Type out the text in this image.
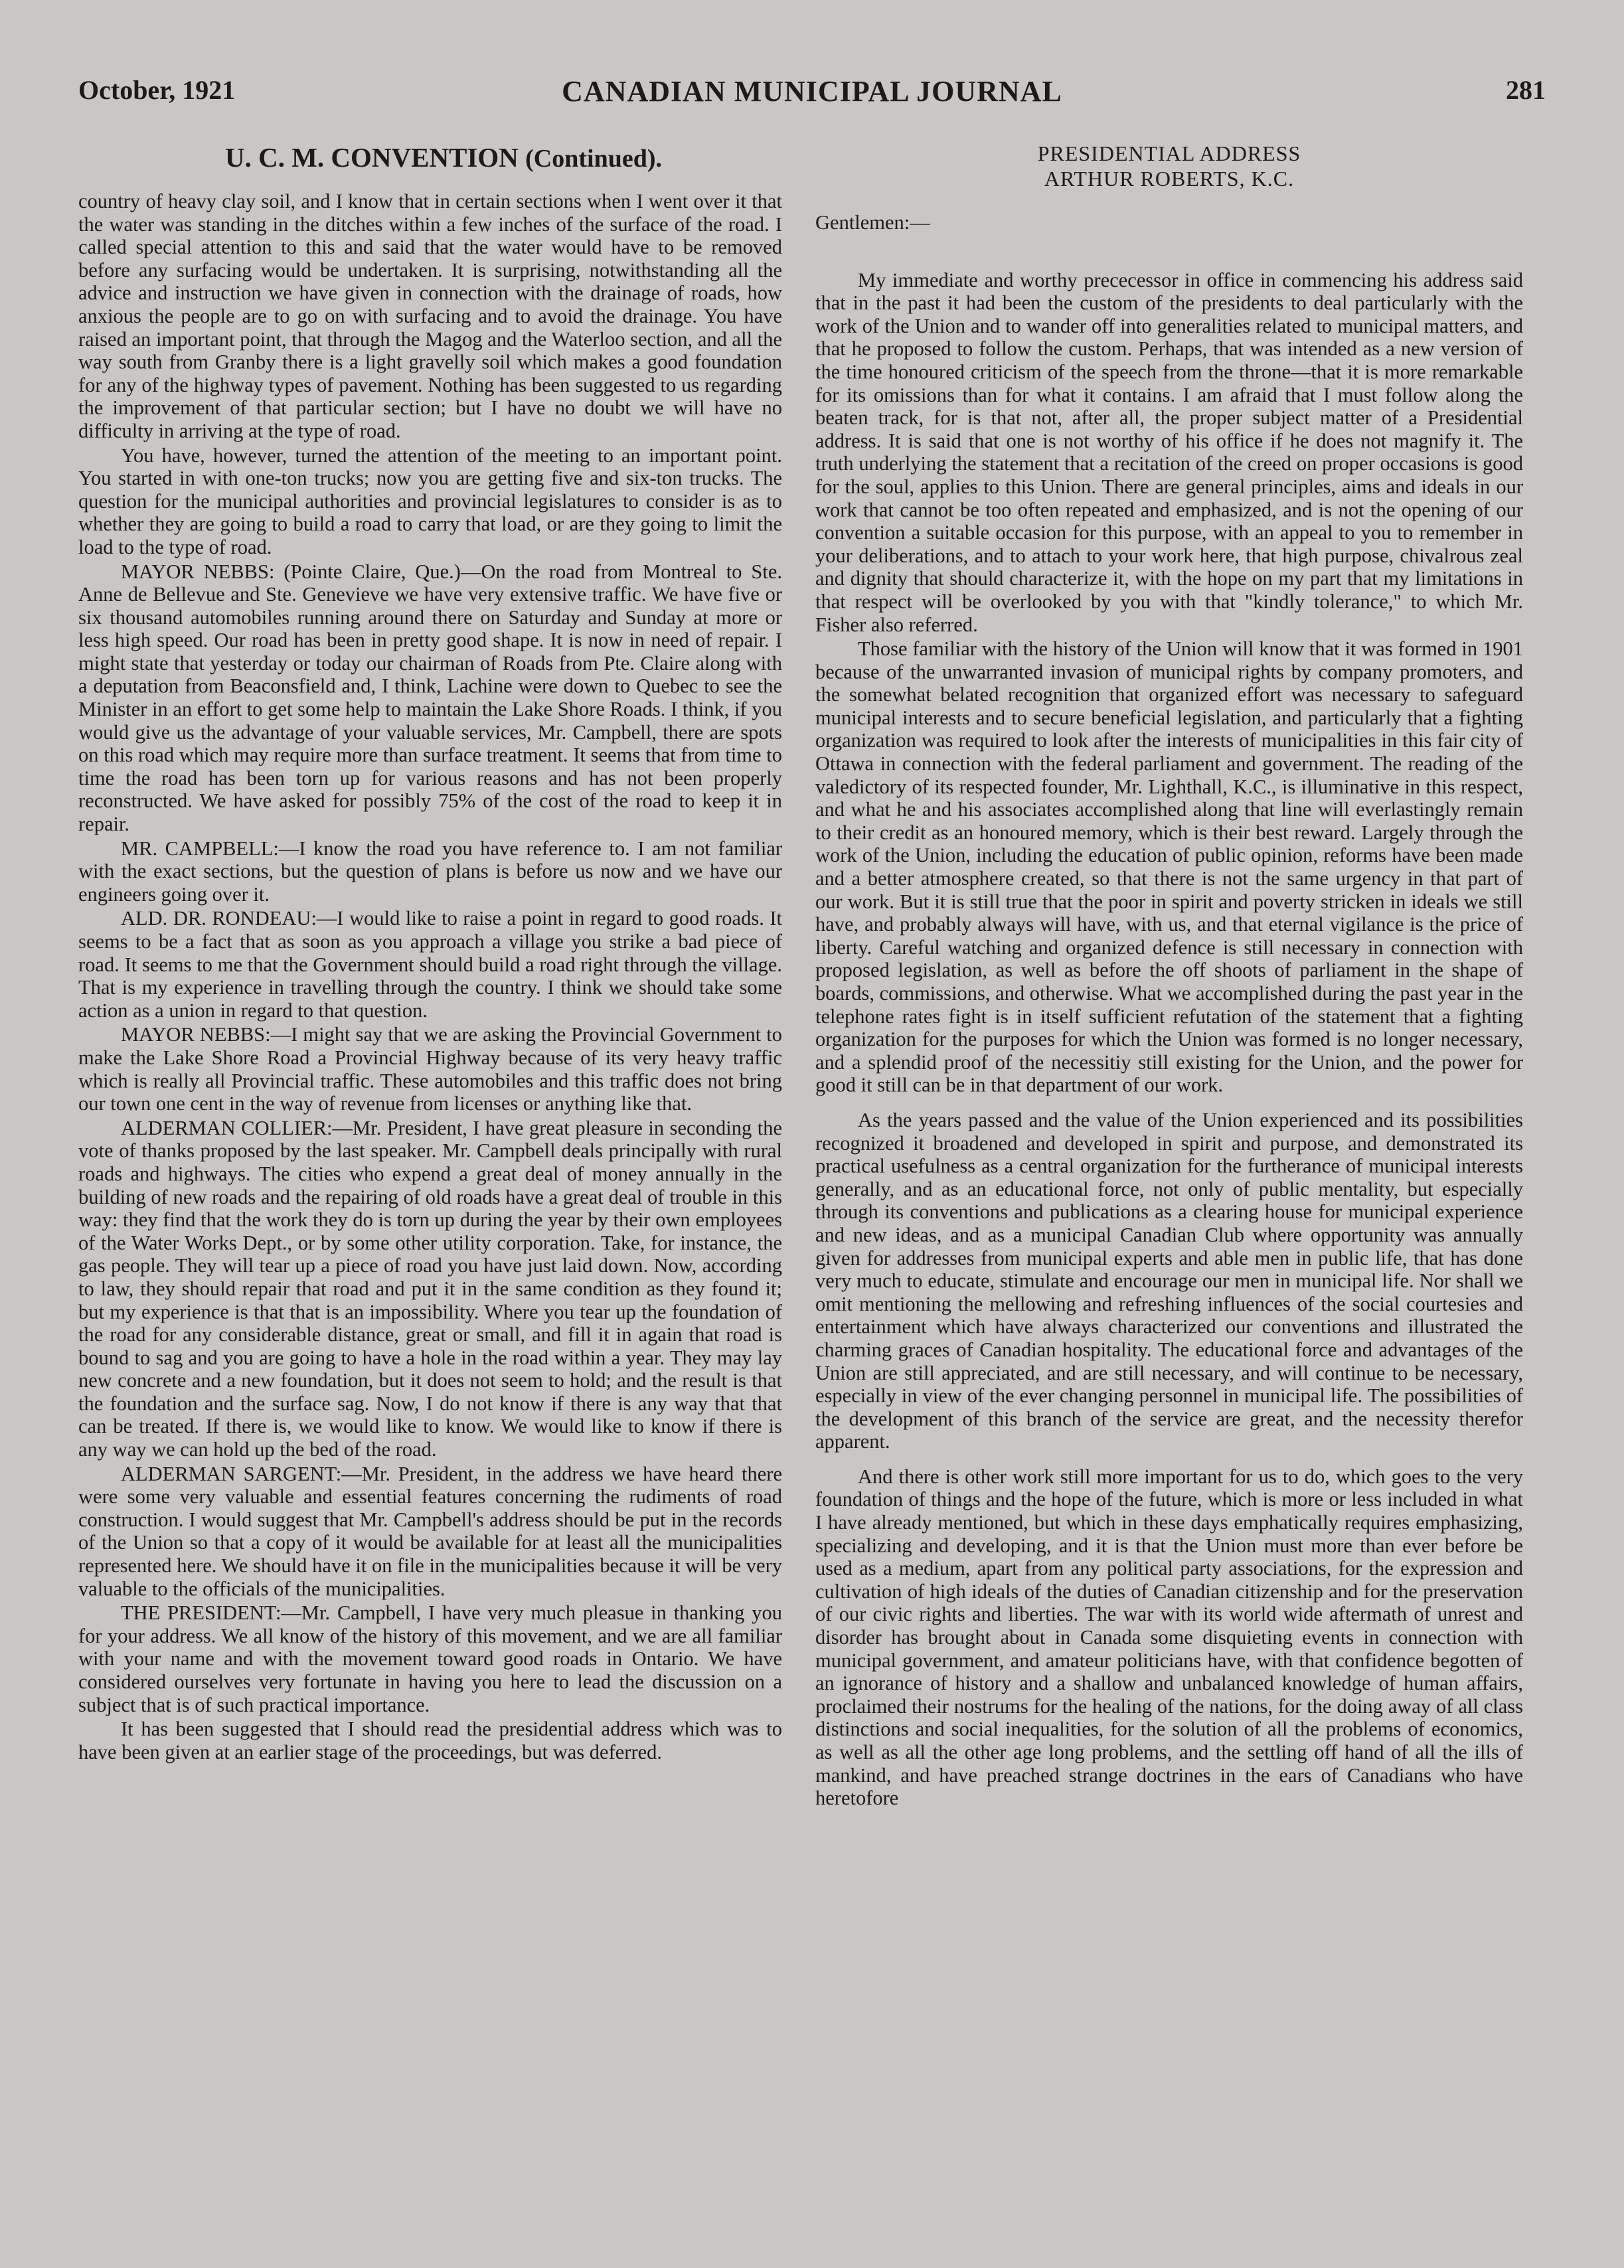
October, 1921	CANADIAN MUNICIPAL JOURNAL	281
U. C. M. CONVENTION (Continued).

country of heavy clay soil, and I know that in certain sections when I went over it that the water was standing in the ditches within a few inches of the surface of the road. I called special attention to this and said that the water would have to be removed before any surfacing would be undertaken. It is surprising, notwithstanding all the advice and instruction we have given in connection with the drainage of roads, how anxious the people are to go on with surfacing and to avoid the drainage. You have raised an important point, that through the Magog and the Waterloo section, and all the way south from Granby there is a light gravelly soil which makes a good foundation for any of the highway types of pavement. Nothing has been suggested to us regarding the improvement of that particular section; but I have no doubt we will have no difficulty in arriving at the type of road.

You have, however, turned the attention of the meeting to an important point. You started in with one-ton trucks; now you are getting five and six-ton trucks. The question for the municipal authorities and provincial legislatures to consider is as to whether they are going to build a road to carry that load, or are they going to limit the load to the type of road.

MAYOR NEBBS: (Pointe Claire, Que.)—On the road from Montreal to Ste. Anne de Bellevue and Ste. Genevieve we have very extensive traffic. We have five or six thousand automobiles running around there on Saturday and Sunday at more or less high speed. Our road has been in pretty good shape. It is now in need of repair. I might state that yesterday or today our chairman of Roads from Pte. Claire along with a deputation from Beaconsfield and, I think, Lachine were down to Quebec to see the Minister in an effort to get some help to maintain the Lake Shore Roads. I think, if you would give us the advantage of your valuable services, Mr. Campbell, there are spots on this road which may require more than surface treatment. It seems that from time to time the road has been torn up for various reasons and has not been properly reconstructed. We have asked for possibly 75% of the cost of the road to keep it in repair.

MR. CAMPBELL:—I know the road you have reference to. I am not familiar with the exact sections, but the question of plans is before us now and we have our engineers going over it.

ALD. DR. RONDEAU:—I would like to raise a point in regard to good roads. It seems to be a fact that as soon as you approach a village you strike a bad piece of road. It seems to me that the Government should build a road right through the village. That is my experience in travelling through the country. I think we should take some action as a union in regard to that question.

MAYOR NEBBS:—I might say that we are asking the Provincial Government to make the Lake Shore Road a Provincial Highway because of its very heavy traffic which is really all Provincial traffic. These automobiles and this traffic does not bring our town one cent in the way of revenue from licenses or anything like that.

ALDERMAN COLLIER:—Mr. President, I have great pleasure in seconding the vote of thanks proposed by the last speaker. Mr. Campbell deals principally with rural roads and highways. The cities who expend a great deal of money annually in the building of new roads and the repairing of old roads have a great deal of trouble in this way: they find that the work they do is torn up during the year by their own employees of the Water Works Dept., or by some other utility corporation. Take, for instance, the gas people. They will tear up a piece of road you have just laid down. Now, according to law, they should repair that road and put it in the same condition as they found it; but my experience is that that is an impossibility. Where you tear up the foundation of the road for any considerable distance, great or small, and fill it in again that road is bound to sag and you are going to have a hole in the road within a year. They may lay new concrete and a new foundation, but it does not seem to hold; and the result is that the foundation and the surface sag. Now, I do not know if there is any way that that can be treated. If there is, we would like to know. We would like to know if there is any way we can hold up the bed of the road.

ALDERMAN SARGENT:—Mr. President, in the address we have heard there were some very valuable and essential features concerning the rudiments of road construction. I would suggest that Mr. Campbell's address should be put in the records of the Union so that a copy of it would be available for at least all the municipalities represented here. We should have it on file in the municipalities because it will be very valuable to the officials of the municipalities.

THE PRESIDENT:—Mr. Campbell, I have very much pleasue in thanking you for your address. We all know of the history of this movement, and we are all familiar with your name and with the movement toward good roads in Ontario. We have considered ourselves very fortunate in having you here to lead the discussion on a subject that is of such practical importance.

It has been suggested that I should read the presidential address which was to have been given at an earlier stage of the proceedings, but was deferred.

PRESIDENTIAL ADDRESS
ARTHUR ROBERTS, K.C.

Gentlemen:—

My immediate and worthy prececessor in office in commencing his address said that in the past it had been the custom of the presidents to deal particularly with the work of the Union and to wander off into generalities related to municipal matters, and that he proposed to follow the custom. Perhaps, that was intended as a new version of the time honoured criticism of the speech from the throne—that it is more remarkable for its omissions than for what it contains. I am afraid that I must follow along the beaten track, for is that not, after all, the proper subject matter of a Presidential address. It is said that one is not worthy of his office if he does not magnify it. The truth underlying the statement that a recitation of the creed on proper occasions is good for the soul, applies to this Union. There are general principles, aims and ideals in our work that cannot be too often repeated and emphasized, and is not the opening of our convention a suitable occasion for this purpose, with an appeal to you to remember in your deliberations, and to attach to your work here, that high purpose, chivalrous zeal and dignity that should characterize it, with the hope on my part that my limitations in that respect will be overlooked by you with that "kindly tolerance," to which Mr. Fisher also referred.

Those familiar with the history of the Union will know that it was formed in 1901 because of the unwarranted invasion of municipal rights by company promoters, and the somewhat belated recognition that organized effort was necessary to safeguard municipal interests and to secure beneficial legislation, and particularly that a fighting organization was required to look after the interests of municipalities in this fair city of Ottawa in connection with the federal parliament and government. The reading of the valedictory of its respected founder, Mr. Lighthall, K.C., is illuminative in this respect, and what he and his associates accomplished along that line will everlastingly remain to their credit as an honoured memory, which is their best reward. Largely through the work of the Union, including the education of public opinion, reforms have been made and a better atmosphere created, so that there is not the same urgency in that part of our work. But it is still true that the poor in spirit and poverty stricken in ideals we still have, and probably always will have, with us, and that eternal vigilance is the price of liberty. Careful watching and organized defence is still necessary in connection with proposed legislation, as well as before the off shoots of parliament in the shape of boards, commissions, and otherwise. What we accomplished during the past year in the telephone rates fight is in itself sufficient refutation of the statement that a fighting organization for the purposes for which the Union was formed is no longer necessary, and a splendid proof of the necessitiy still existing for the Union, and the power for good it still can be in that department of our work.

As the years passed and the value of the Union experienced and its possibilities recognized it broadened and developed in spirit and purpose, and demonstrated its practical usefulness as a central organization for the furtherance of municipal interests generally, and as an educational force, not only of public mentality, but especially through its conventions and publications as a clearing house for municipal experience and new ideas, and as a municipal Canadian Club where opportunity was annually given for addresses from municipal experts and able men in public life, that has done very much to educate, stimulate and encourage our men in municipal life. Nor shall we omit mentioning the mellowing and refreshing influences of the social courtesies and entertainment which have always characterized our conventions and illustrated the charming graces of Canadian hospitality. The educational force and advantages of the Union are still appreciated, and are still necessary, and will continue to be necessary, especially in view of the ever changing personnel in municipal life. The possibilities of the development of this branch of the service are great, and the necessity therefor apparent.

And there is other work still more important for us to do, which goes to the very foundation of things and the hope of the future, which is more or less included in what I have already mentioned, but which in these days emphatically requires emphasizing, specializing and developing, and it is that the Union must more than ever before be used as a medium, apart from any political party associations, for the expression and cultivation of high ideals of the duties of Canadian citizenship and for the preservation of our civic rights and liberties. The war with its world wide aftermath of unrest and disorder has brought about in Canada some disquieting events in connection with municipal government, and amateur politicians have, with that confidence begotten of an ignorance of history and a shallow and unbalanced knowledge of human affairs, proclaimed their nostrums for the healing of the nations, for the doing away of all class distinctions and social inequalities, for the solution of all the problems of economics, as well as all the other age long problems, and the settling off hand of all the ills of mankind, and have preached strange doctrines in the ears of Canadians who have heretofore
